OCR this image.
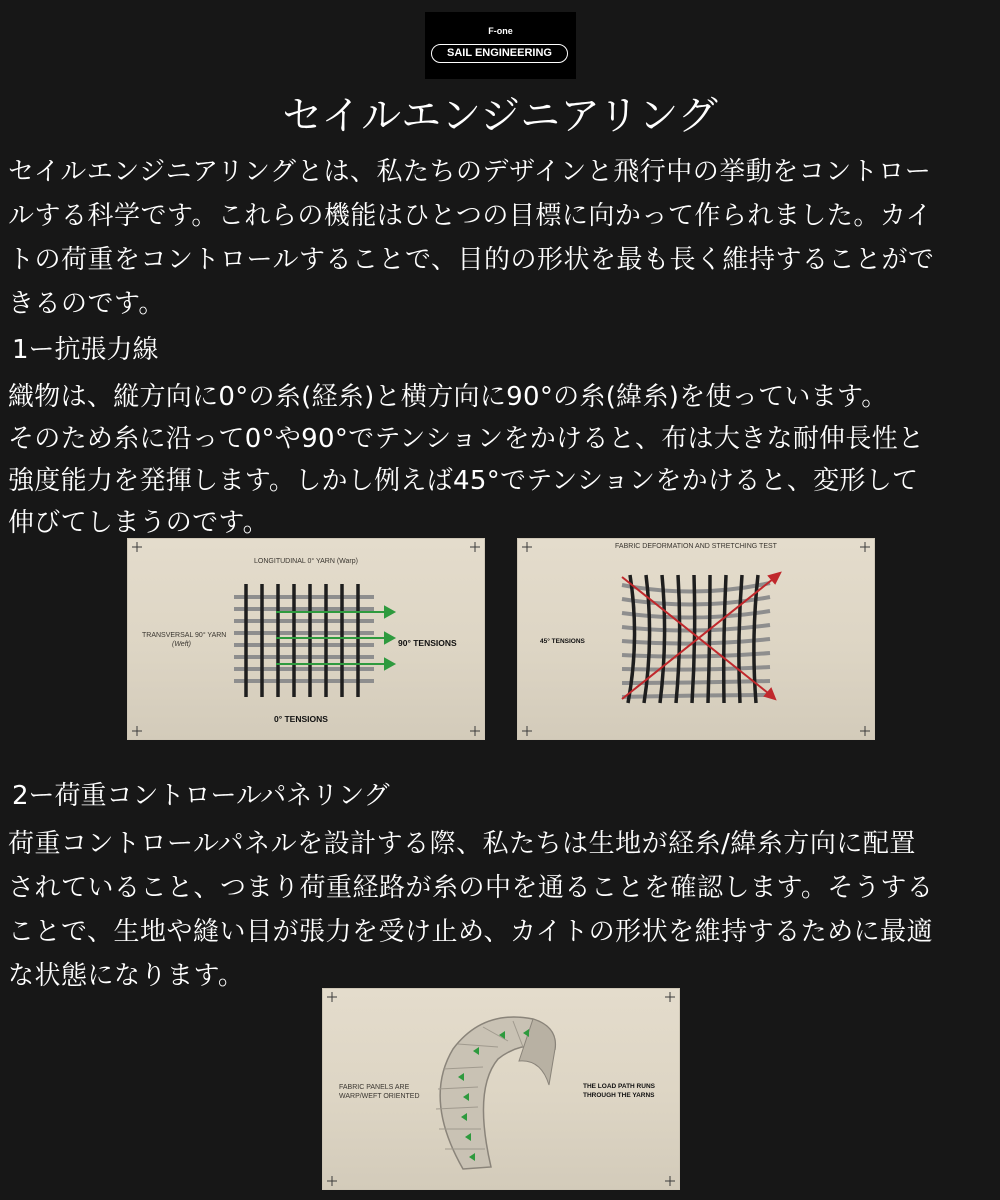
F-one
SAIL ENGINEERING
セイルエンジニアリング
セイルエンジニアリングとは、私たちのデザインと飛行中の挙動をコントロー
ルする科学です。これらの機能はひとつの目標に向かって作られました。カイ
トの荷重をコントロールすることで、目的の形状を最も長く維持することがで
きるのです。
1ー抗張力線
織物は、縦方向に0°の糸(経糸)と横方向に90°の糸(緯糸)を使っています。
そのため糸に沿って0°や90°でテンションをかけると、布は大きな耐伸長性と
強度能力を発揮します。しかし例えば45°でテンションをかけると、変形して
伸びてしまうのです。
LONGITUDINAL 0° YARN (Warp)
TRANSVERSAL 90° YARN
(Weft)	90° TENSIONS
0° TENSIONS
FABRIC DEFORMATION AND STRETCHING TEST
45° TENSIONS
2ー荷重コントロールパネリング
荷重コントロールパネルを設計する際、私たちは生地が経糸/緯糸方向に配置
されていること、つまり荷重経路が糸の中を通ることを確認します。そうする
ことで、生地や縫い目が張力を受け止め、カイトの形状を維持するために最適
な状態になります。
FABRIC PANELS ARE
WARP/WEFT ORIENTED
THE LOAD PATH RUNS
THROUGH THE YARNS
